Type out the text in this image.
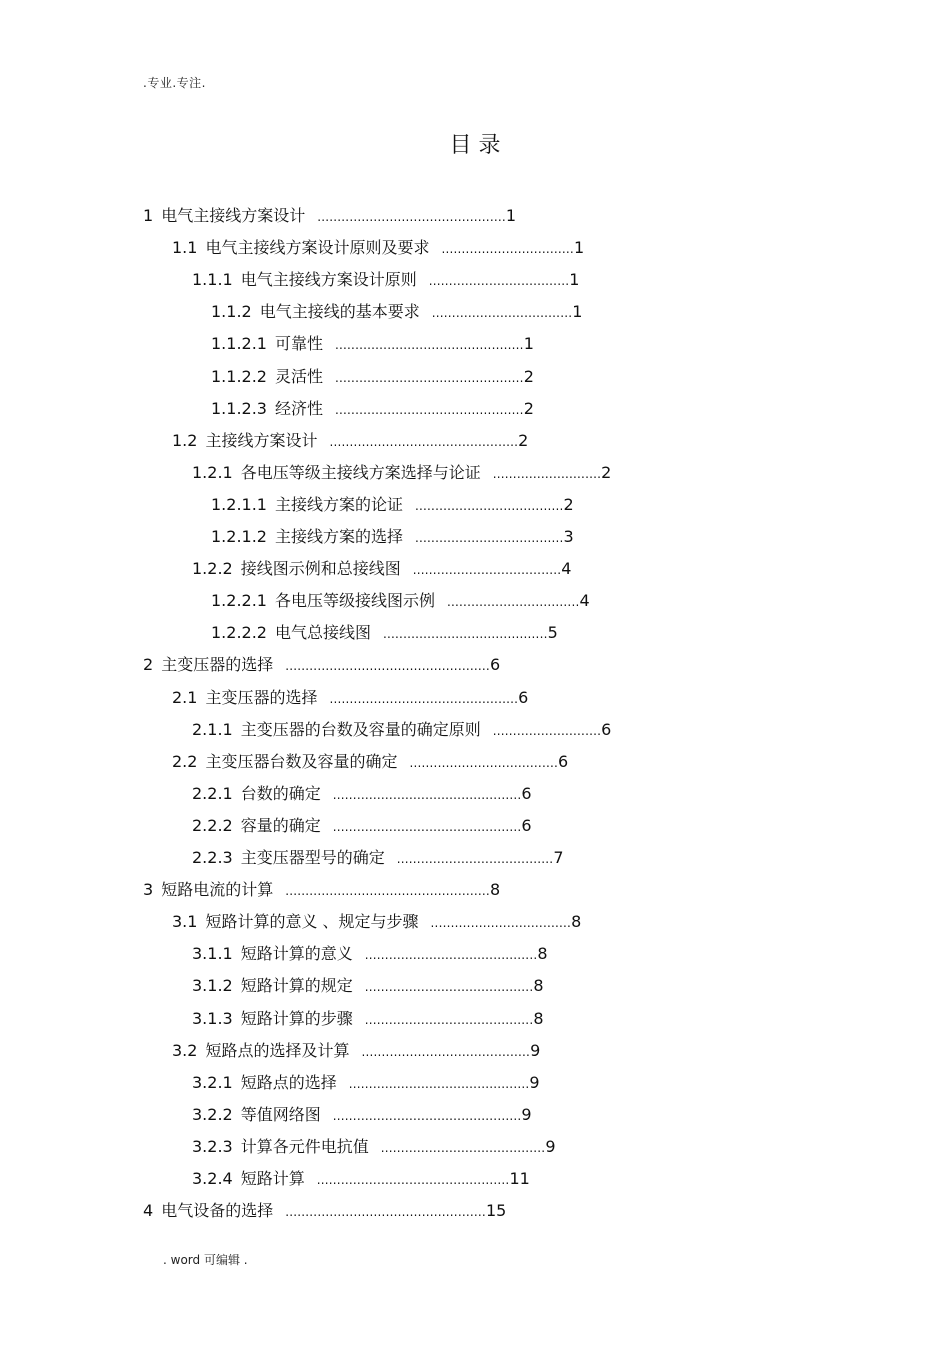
.专业.专注.
目 录
1 电气主接线方案设计 ...............................................1
1.1 电气主接线方案设计原则及要求 .................................1
1.1.1 电气主接线方案设计原则 ...................................1
1.1.2 电气主接线的基本要求 ...................................1
1.1.2.1 可靠性 ...............................................1
1.1.2.2 灵活性 ...............................................2
1.1.2.3 经济性 ...............................................2
1.2 主接线方案设计 ...............................................2
1.2.1 各电压等级主接线方案选择与论证 ...........................2
1.2.1.1 主接线方案的论证 .....................................2
1.2.1.2 主接线方案的选择 .....................................3
1.2.2 接线图示例和总接线图 .....................................4
1.2.2.1 各电压等级接线图示例 .................................4
1.2.2.2 电气总接线图 .........................................5
2 主变压器的选择 ...................................................6
2.1 主变压器的选择 ...............................................6
2.1.1 主变压器的台数及容量的确定原则 ...........................6
2.2 主变压器台数及容量的确定 .....................................6
2.2.1 台数的确定 ...............................................6
2.2.2 容量的确定 ...............................................6
2.2.3 主变压器型号的确定 .......................................7
3 短路电流的计算 ...................................................8
3.1 短路计算的意义 、规定与步骤 ...................................8
3.1.1 短路计算的意义 ...........................................8
3.1.2 短路计算的规定 ..........................................8
3.1.3 短路计算的步骤 ..........................................8
3.2 短路点的选择及计算 ..........................................9
3.2.1 短路点的选择 .............................................9
3.2.2 等值网络图 ...............................................9
3.2.3 计算各元件电抗值 .........................................9
3.2.4 短路计算 ................................................11
4 电气设备的选择 ..................................................15
. word 可编辑 .
